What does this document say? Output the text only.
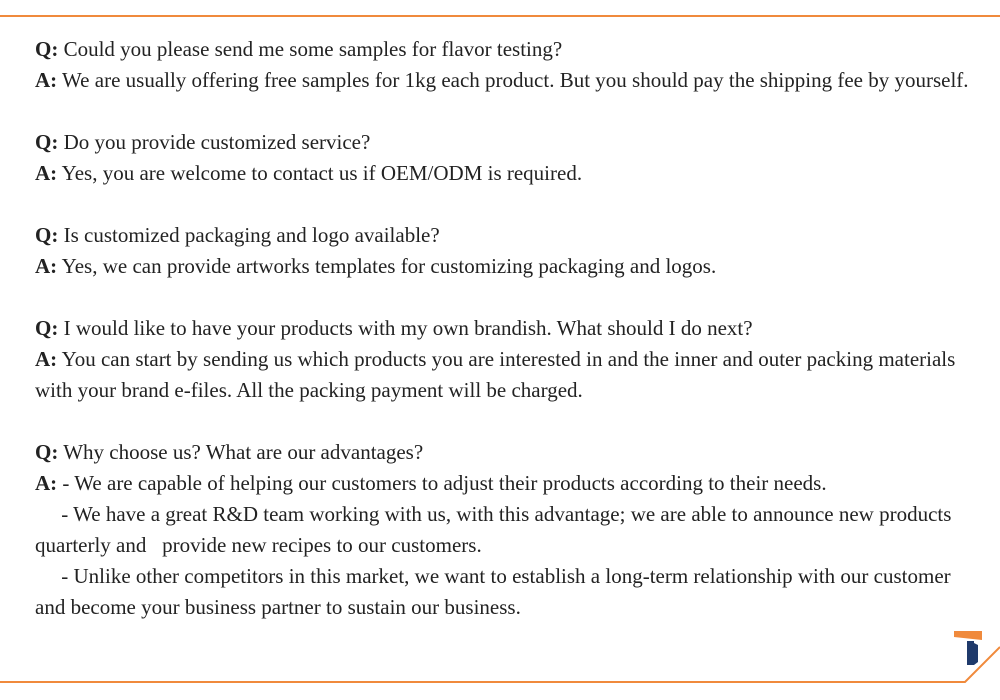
Q: Could you please send me some samples for flavor testing?

A: We are usually offering free samples for 1kg each product. But you should pay the shipping fee by yourself.

Q: Do you provide customized service?

A: Yes, you are welcome to contact us if OEM/ODM is required.

Q: Is customized packaging and logo available?

A: Yes, we can provide artworks templates for customizing packaging and logos.

Q: I would like to have your products with my own brandish. What should I do next?

A: You can start by sending us which products you are interested in and the inner and outer packing materials with your brand e-files. All the packing payment will be charged.

Q: Why choose us? What are our advantages?

A: - We are capable of helping our customers to adjust their products according to their needs.

- We have a great R&D team working with us, with this advantage; we are able to announce new products quarterly and   provide new recipes to our customers.

- Unlike other competitors in this market, we want to establish a long-term relationship with our customer and become your business partner to sustain our business.
